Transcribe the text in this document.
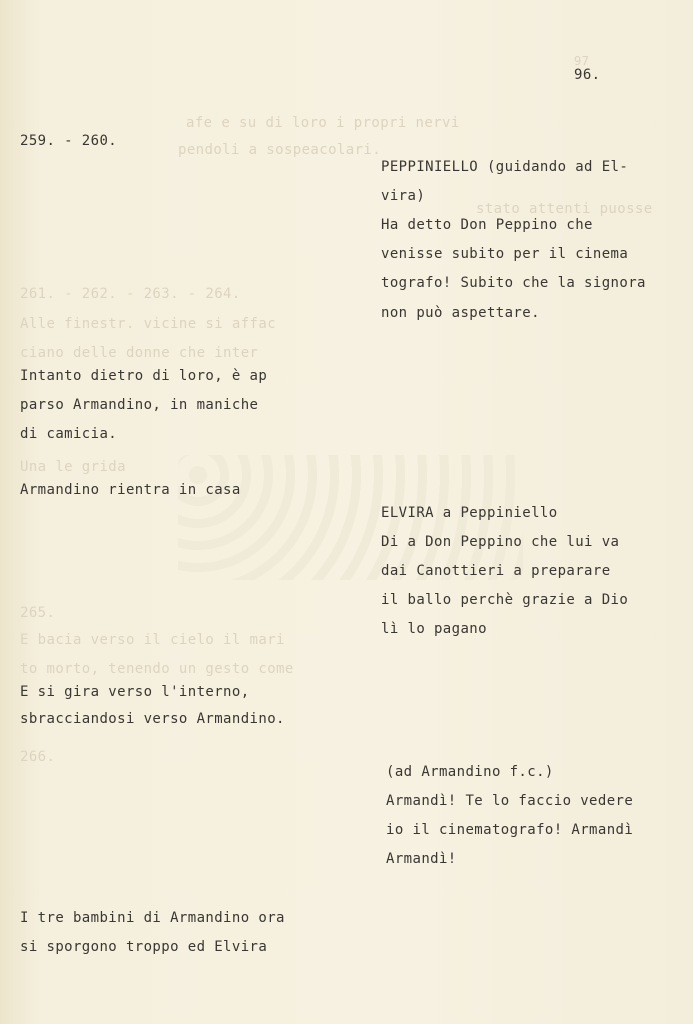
afe e su di loro i propri nervi
pendoli a sospeacolari.
stato attenti puosse
261. - 262. - 263. - 264.
Alle finestr. vicine si affac
ciano delle donne che inter
Una le grida
265.
E bacia verso il cielo il mari
to morto, tenendo un gesto come
266.
97
96.
259. - 260.
Intanto dietro di loro, è ap
parso Armandino, in maniche
di camicia.
Armandino rientra in casa
E si gira verso l'interno,
sbracciandosi verso Armandino.
I tre bambini di Armandino ora
si sporgono troppo ed Elvira
PEPPINIELLO (guidando ad El-
vira)
Ha detto Don Peppino che
venisse subito per il cinema
tografo! Subito che la signora
non può aspettare.
ELVIRA a Peppiniello
Di a Don Peppino che lui va
dai Canottieri a preparare
il ballo perchè grazie a Dio
lì lo pagano
(ad Armandino f.c.)
Armandì! Te lo faccio vedere
io il cinematografo! Armandì
Armandì!
